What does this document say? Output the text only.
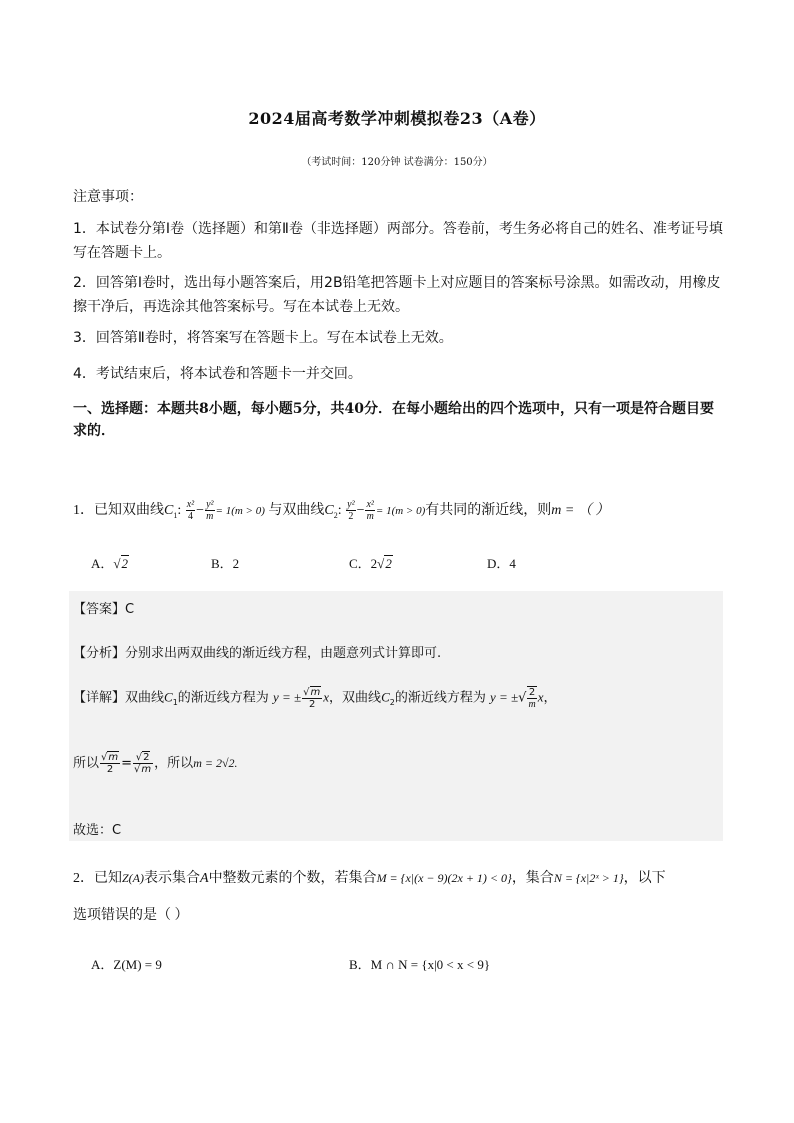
2024届高考数学冲刺模拟卷23（A卷）
（考试时间：120分钟 试卷满分：150分）
注意事项：
1．本试卷分第Ⅰ卷（选择题）和第Ⅱ卷（非选择题）两部分。答卷前，考生务必将自己的姓名、准考证号填写在答题卡上。
2．回答第Ⅰ卷时，选出每小题答案后，用2B铅笔把答题卡上对应题目的答案标号涂黑。如需改动，用橡皮擦干净后，再选涂其他答案标号。写在本试卷上无效。
3．回答第Ⅱ卷时，将答案写在答题卡上。写在本试卷上无效。
4．考试结束后，将本试卷和答题卡一并交回。
一、选择题：本题共8小题，每小题5分，共40分．在每小题给出的四个选项中，只有一项是符合题目要求的．
1．已知双曲线$C_1$: $\frac{\text{x²}}{4} - \frac{\text{y²}}{m} = 1(m > 0)$ 与双曲线$C_2$: $\frac{\text{y²}}{2} - \frac{\text{x²}}{m} = 1(m > 0)$有共同的渐近线，则m = （ ）
A．√2	B．2	C．2√2	D．4
【答案】C
【分析】分别求出两双曲线的渐近线方程，由题意列式计算即可.
【详解】双曲线$C_1$的渐近线方程为 y = ± $\frac{√m}{2}$ x，双曲线$C_2$的渐近线方程为 y = ±√ $\frac{2}{m}$ x，
所以 $\frac{√m}{2} = \frac{√2}{√m}$ ，所以m = 2√2.
故选：C
2．已知Z(A)表示集合A中整数元素的个数，若集合M = {x|(x − 9)(2x + 1) < 0}，集合N = {x|2ˣ > 1}，以下
选项错误的是（ ）
A．Z(M) = 9	B．M ∩ N = {x|0 < x < 9}
